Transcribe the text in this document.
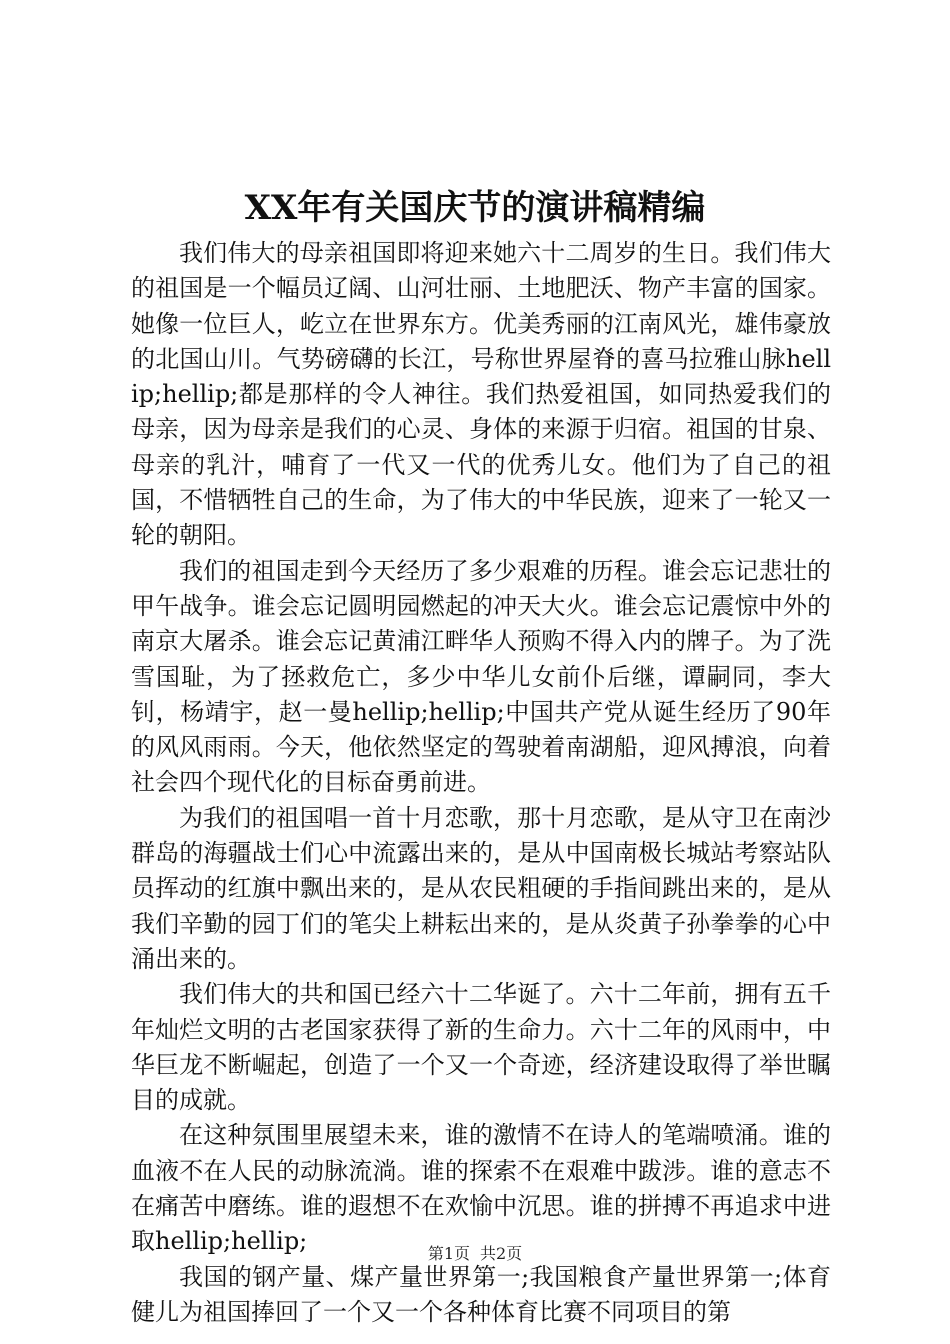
XX年有关国庆节的演讲稿精编

我们伟大的母亲祖国即将迎来她六十二周岁的生日。我们伟大的祖国是一个幅员辽阔、山河壮丽、土地肥沃、物产丰富的国家。她像一位巨人，屹立在世界东方。优美秀丽的江南风光，雄伟豪放的北国山川。气势磅礴的长江，号称世界屋脊的喜马拉雅山脉hellip;hellip;都是那样的令人神往。我们热爱祖国，如同热爱我们的母亲，因为母亲是我们的心灵、身体的来源于归宿。祖国的甘泉、母亲的乳汁，哺育了一代又一代的优秀儿女。他们为了自己的祖国，不惜牺牲自己的生命，为了伟大的中华民族，迎来了一轮又一轮的朝阳。

我们的祖国走到今天经历了多少艰难的历程。谁会忘记悲壮的甲午战争。谁会忘记圆明园燃起的冲天大火。谁会忘记震惊中外的南京大屠杀。谁会忘记黄浦江畔华人预购不得入内的牌子。为了洗雪国耻，为了拯救危亡，多少中华儿女前仆后继，谭嗣同，李大钊，杨靖宇，赵一曼hellip;hellip;中国共产党从诞生经历了90年的风风雨雨。今天，他依然坚定的驾驶着南湖船，迎风搏浪，向着社会四个现代化的目标奋勇前进。

为我们的祖国唱一首十月恋歌，那十月恋歌，是从守卫在南沙群岛的海疆战士们心中流露出来的，是从中国南极长城站考察站队员挥动的红旗中飘出来的，是从农民粗硬的手指间跳出来的，是从我们辛勤的园丁们的笔尖上耕耘出来的，是从炎黄子孙拳拳的心中涌出来的。

我们伟大的共和国已经六十二华诞了。六十二年前，拥有五千年灿烂文明的古老国家获得了新的生命力。六十二年的风雨中，中华巨龙不断崛起，创造了一个又一个奇迹，经济建设取得了举世瞩目的成就。

在这种氛围里展望未来，谁的激情不在诗人的笔端喷涌。谁的血液不在人民的动脉流淌。谁的探索不在艰难中跋涉。谁的意志不在痛苦中磨练。谁的遐想不在欢愉中沉思。谁的拼搏不再追求中进取hellip;hellip;

我国的钢产量、煤产量世界第一;我国粮食产量世界第一;体育健儿为祖国捧回了一个又一个各种体育比赛不同项目的第

第1页 共2页
